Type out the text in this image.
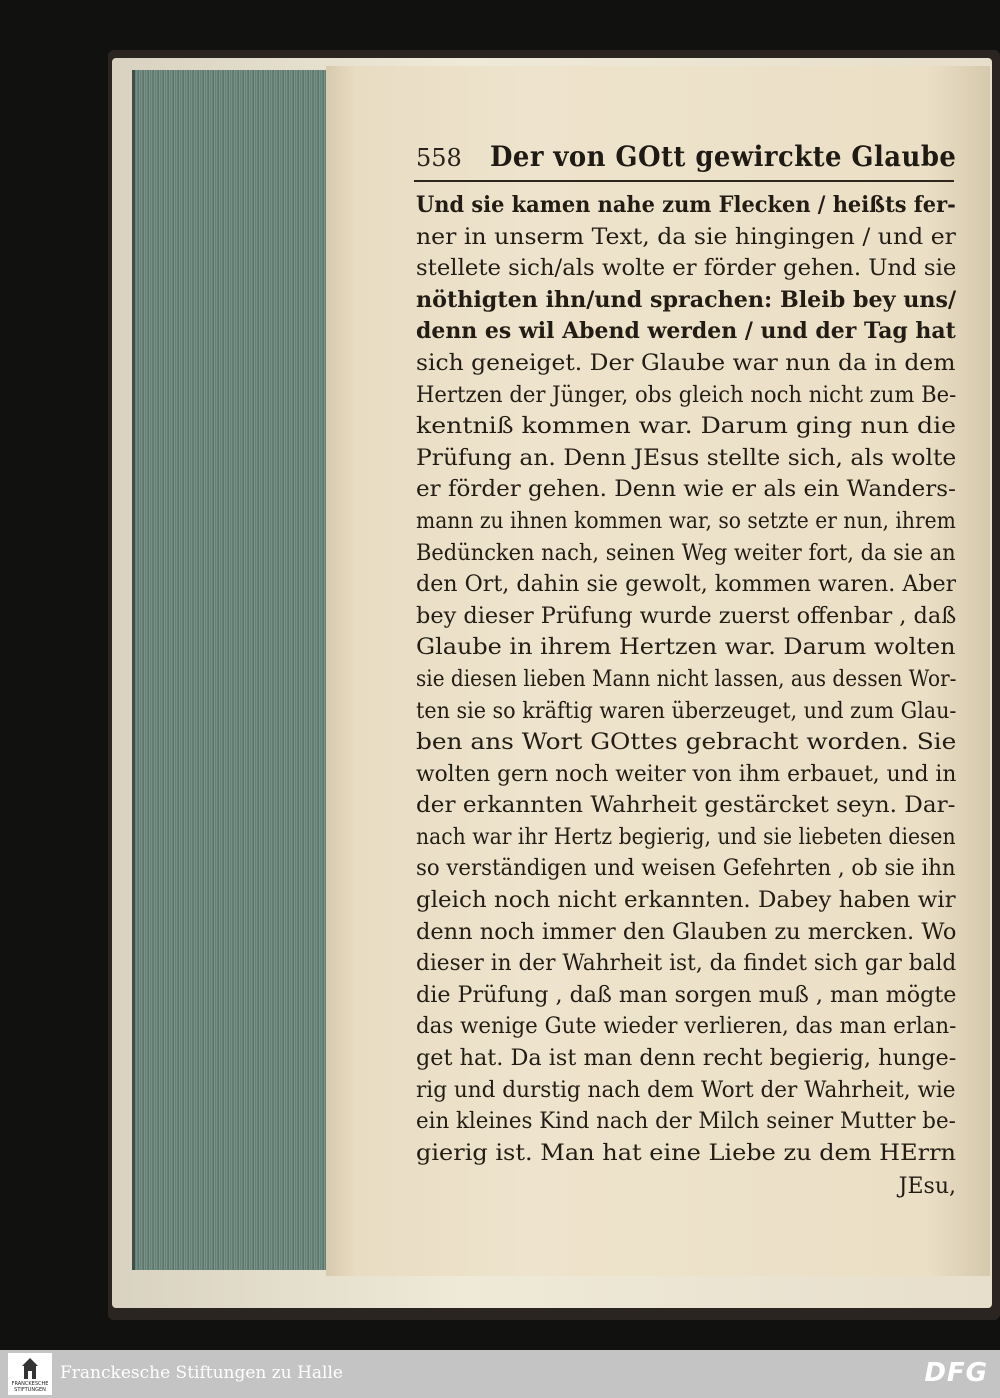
558 Der von GOtt gewirckte Glaube
Und sie kamen nahe zum Flecken / heißts fer-
ner in unserm Text, da sie hingingen / und er
stellete sich/als wolte er förder gehen. Und sie
nöthigten ihn/und sprachen: Bleib bey uns/
denn es wil Abend werden / und der Tag hat
sich geneiget. Der Glaube war nun da in dem
Hertzen der Jünger, obs gleich noch nicht zum Be-
kentniß kommen war. Darum ging nun die
Prüfung an. Denn JEsus stellte sich, als wolte
er förder gehen. Denn wie er als ein Wanders-
mann zu ihnen kommen war, so setzte er nun, ihrem
Bedüncken nach, seinen Weg weiter fort, da sie an
den Ort, dahin sie gewolt, kommen waren. Aber
bey dieser Prüfung wurde zuerst offenbar , daß
Glaube in ihrem Hertzen war. Darum wolten
sie diesen lieben Mann nicht lassen, aus dessen Wor-
ten sie so kräftig waren überzeuget, und zum Glau-
ben ans Wort GOttes gebracht worden. Sie
wolten gern noch weiter von ihm erbauet, und in
der erkannten Wahrheit gestärcket seyn. Dar-
nach war ihr Hertz begierig, und sie liebeten diesen
so verständigen und weisen Gefehrten , ob sie ihn
gleich noch nicht erkannten. Dabey haben wir
denn noch immer den Glauben zu mercken. Wo
dieser in der Wahrheit ist, da findet sich gar bald
die Prüfung , daß man sorgen muß , man mögte
das wenige Gute wieder verlieren, das man erlan-
get hat. Da ist man denn recht begierig, hunge-
rig und durstig nach dem Wort der Wahrheit, wie
ein kleines Kind nach der Milch seiner Mutter be-
gierig ist. Man hat eine Liebe zu dem HErrn
JEsu,
FRANCKESCHE STIFTUNGEN
Franckesche Stiftungen zu Halle	DFG
